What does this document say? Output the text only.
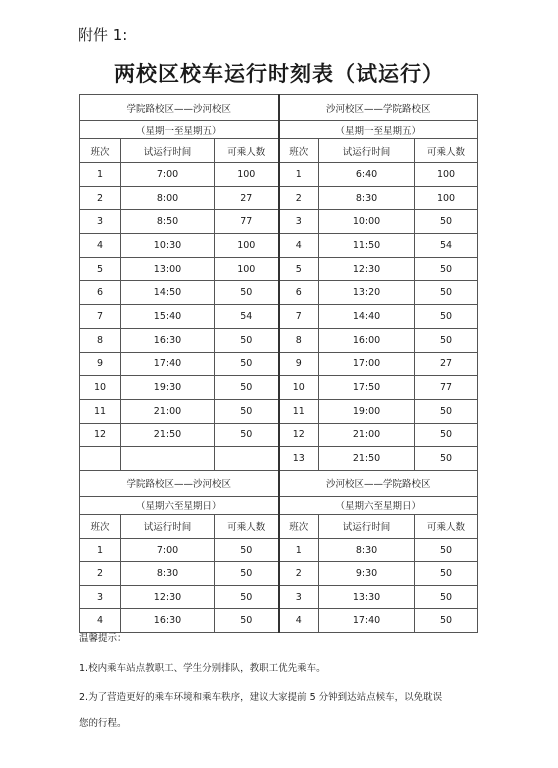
附件 1:
两校区校车运行时刻表（试运行）
学院路校区——沙河校区			沙河校区——学院路校区		
（星期一至星期五）			（星期一至星期五）		
班次	试运行时间	可乘人数	班次	试运行时间	可乘人数
1	7:00	100	1	6:40	100
2	8:00	27	2	8:30	100
3	8:50	77	3	10:00	50
4	10:30	100	4	11:50	54
5	13:00	100	5	12:30	50
6	14:50	50	6	13:20	50
7	15:40	54	7	14:40	50
8	16:30	50	8	16:00	50
9	17:40	50	9	17:00	27
10	19:30	50	10	17:50	77
11	21:00	50	11	19:00	50
12	21:50	50	12	21:00	50
			13	21:50	50
学院路校区——沙河校区			沙河校区——学院路校区		
（星期六至星期日）			（星期六至星期日）		
班次	试运行时间	可乘人数	班次	试运行时间	可乘人数
1	7:00	50	1	8:30	50
2	8:30	50	2	9:30	50
3	12:30	50	3	13:30	50
4	16:30	50	4	17:40	50
温馨提示：
1.校内乘车站点教职工、学生分别排队，教职工优先乘车。
2.为了营造更好的乘车环境和乘车秩序，建议大家提前 5 分钟到达站点候车，以免耽误
您的行程。
